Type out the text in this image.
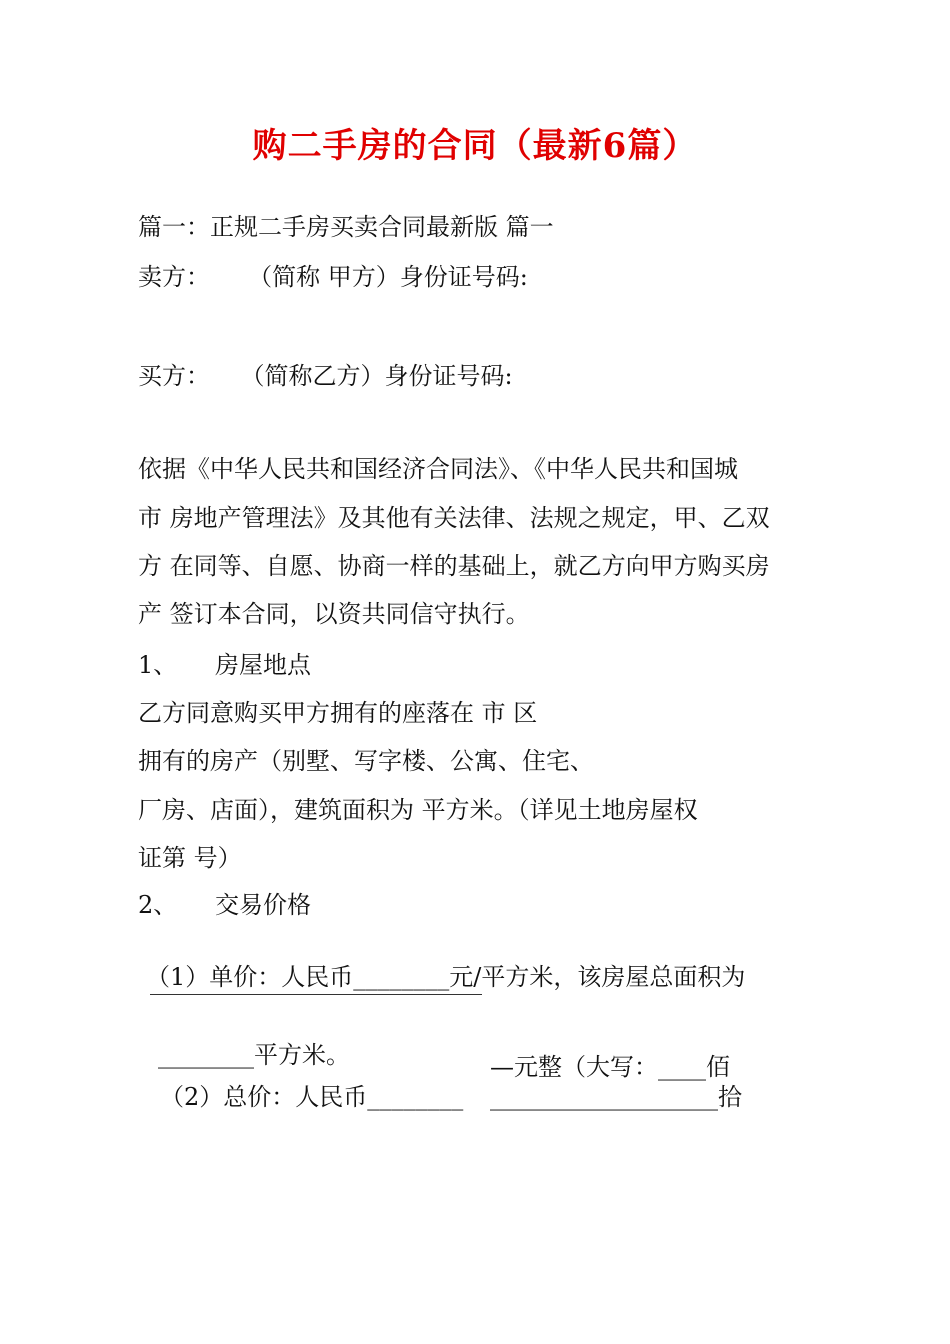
购二手房的合同（最新6篇）
篇一：正规二手房买卖合同最新版 篇一
卖方：     （简称 甲方）身份证号码:
买方：    （简称乙方）身份证号码:
依据《中华人民共和国经济合同法》、《中华人民共和国城
市 房地产管理法》及其他有关法律、法规之规定，甲、乙双
方 在同等、自愿、协商一样的基础上，就乙方向甲方购买房
产 签订本合同，以资共同信守执行。
1、 房屋地点
乙方同意购买甲方拥有的座落在 市 区
拥有的房产（别墅、写字楼、公寓、住宅、
厂房、店面），建筑面积为 平方米。（详见土地房屋权
证第 号）
2、 交易价格
（1）单价：人民币________元/平方米，该房屋总面积为
________平方米。	—元整（大写：____佰
（2）总价：人民币________ ___________________拾
